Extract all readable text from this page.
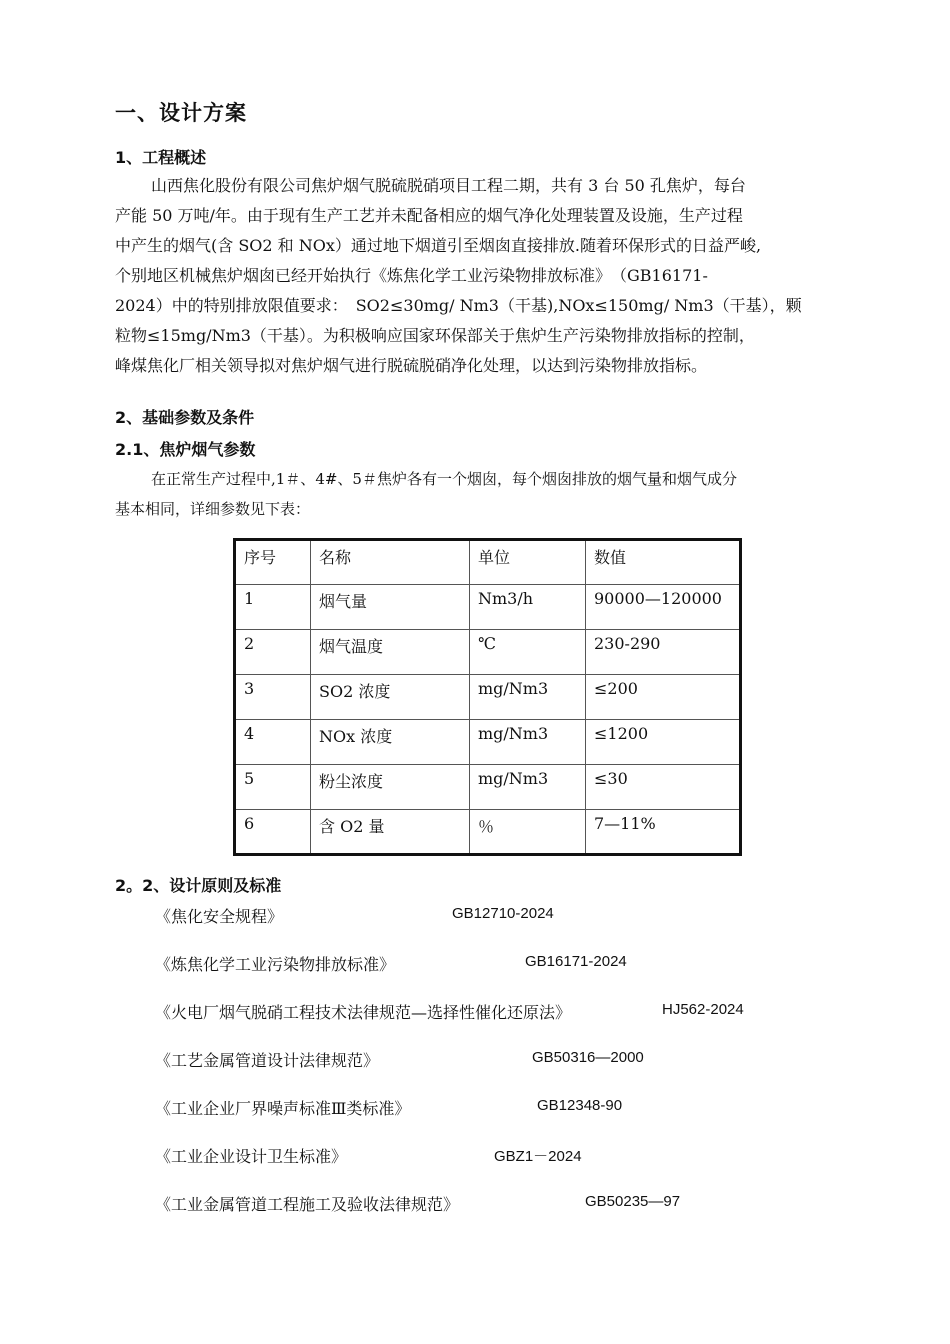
一、设计方案
1、工程概述

山西焦化股份有限公司焦炉烟气脱硫脱硝项目工程二期，共有 3 台 50 孔焦炉，每台

产能 50 万吨/年。由于现有生产工艺并未配备相应的烟气净化处理装置及设施，生产过程

中产生的烟气(含 SO2 和 NOx）通过地下烟道引至烟囱直接排放.随着环保形式的日益严峻,

个别地区机械焦炉烟囱已经开始执行《炼焦化学工业污染物排放标准》　（GB16171-

2024）中的特别排放限值要求：　SO2≤30mg/ Nm3（干基),NOx≤150mg/ Nm3（干基），颗

粒物≤15mg/Nm3（干基）。为积极响应国家环保部关于焦炉生产污染物排放指标的控制，

峰煤焦化厂相关领导拟对焦炉烟气进行脱硫脱硝净化处理，以达到污染物排放指标。

2、基础参数及条件
2.1、焦炉烟气参数

在正常生产过程中,1＃、4#、5＃焦炉各有一个烟囱，每个烟囱排放的烟气量和烟气成分

基本相同，详细参数见下表：

序号	名称	单位	数值
1	烟气量	Nm3/h	90000—120000
2	烟气温度	℃	230-290
3	SO2 浓度	mg/Nm3	≤200
4	NOx 浓度	mg/Nm3	≤1200
5	粉尘浓度	mg/Nm3	≤30
6	含 O2 量	％	7—11%
2。2、设计原则及标准
《焦化安全规程》	GB12710-2024
《炼焦化学工业污染物排放标准》	GB16171-2024
《火电厂烟气脱硝工程技术法律规范—选择性催化还原法》	HJ562-2024
《工艺金属管道设计法律规范》	GB50316—2000
《工业企业厂界噪声标准Ⅲ类标准》	GB12348-90
《工业企业设计卫生标准》	GBZ1－2024
《工业金属管道工程施工及验收法律规范》	GB50235—97
